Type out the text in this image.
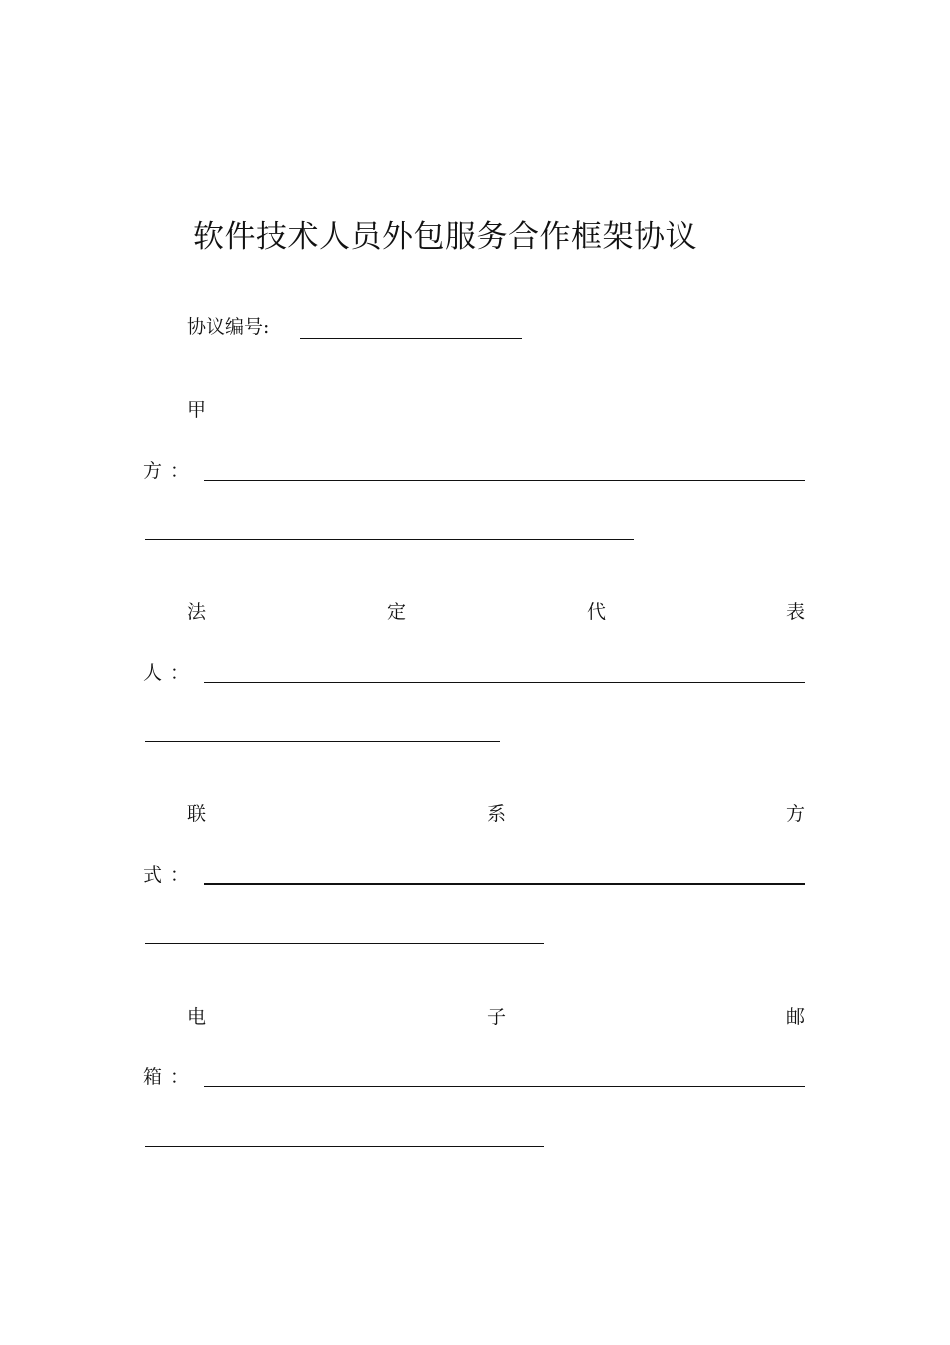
软件技术人员外包服务合作框架协议
协议编号:
甲
方 ：
法	定	代	表
人 ：
联	系	方
式 ：
电	子	邮
箱 ：
